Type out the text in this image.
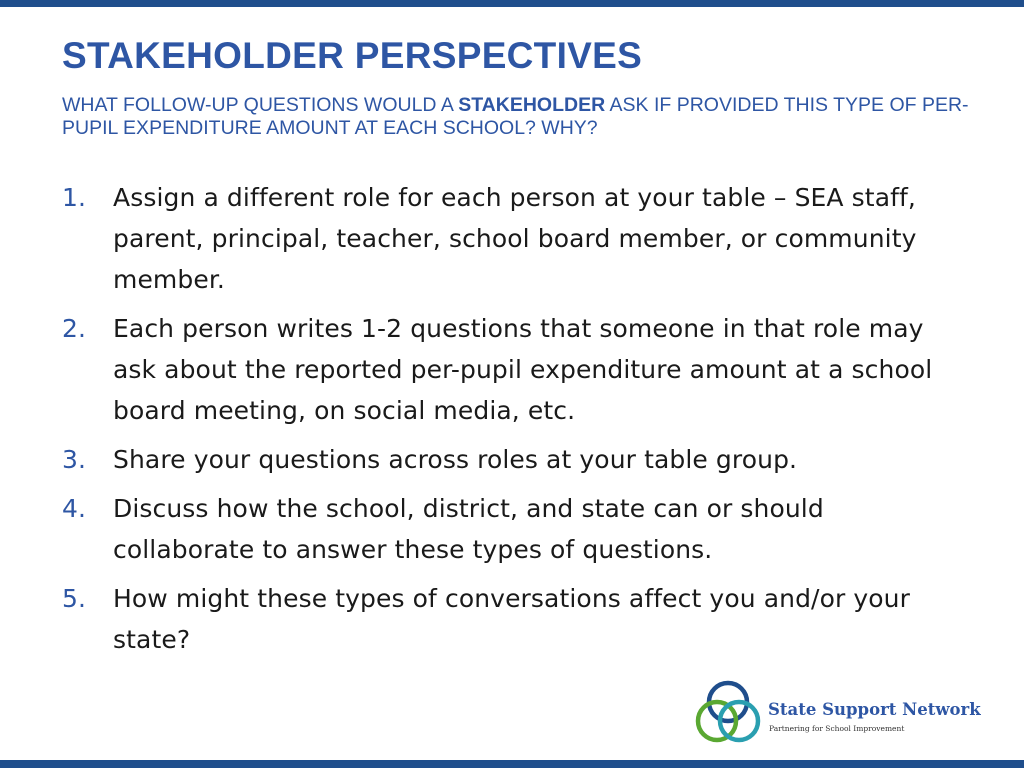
STAKEHOLDER PERSPECTIVES

WHAT FOLLOW-UP QUESTIONS WOULD A STAKEHOLDER ASK IF PROVIDED THIS TYPE OF PER-PUPIL EXPENDITURE AMOUNT AT EACH SCHOOL? WHY?

1.	Assign a different role for each person at your table – SEA staff, parent, principal, teacher, school board member, or community member.
2.	Each person writes 1-2 questions that someone in that role may ask about the reported per-pupil expenditure amount at a school board meeting, on social media, etc.
3.	Share your questions across roles at your table group.
4.	Discuss how the school, district, and state can or should collaborate to answer these types of questions.
5.	How might these types of conversations affect you and/or your state?
State Support Network
Partnering for School Improvement
